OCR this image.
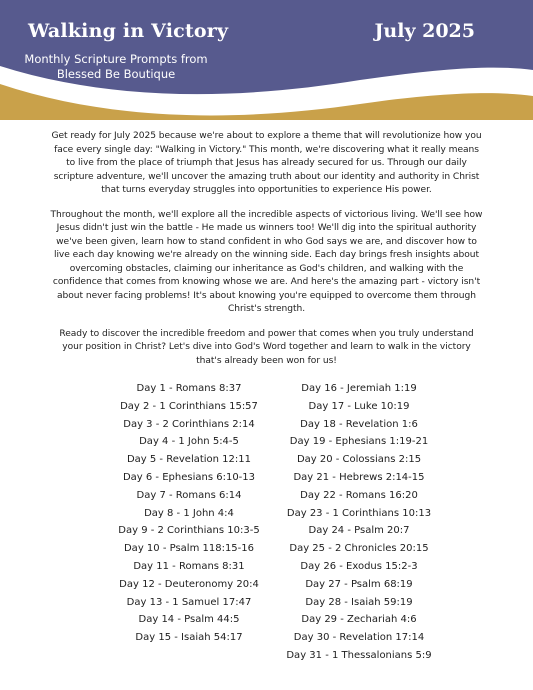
Walking in Victory	July 2025
Monthly Scripture Prompts from Blessed Be Boutique

Get ready for July 2025 because we're about to explore a theme that will revolutionize how you face every single day: "Walking in Victory." This month, we're discovering what it really means to live from the place of triumph that Jesus has already secured for us. Through our daily scripture adventure, we'll uncover the amazing truth about our identity and authority in Christ that turns everyday struggles into opportunities to experience His power.

Throughout the month, we'll explore all the incredible aspects of victorious living. We'll see how Jesus didn't just win the battle - He made us winners too! We'll dig into the spiritual authority we've been given, learn how to stand confident in who God says we are, and discover how to live each day knowing we're already on the winning side. Each day brings fresh insights about overcoming obstacles, claiming our inheritance as God's children, and walking with the confidence that comes from knowing whose we are. And here's the amazing part - victory isn't about never facing problems! It's about knowing you're equipped to overcome them through Christ's strength.

Ready to discover the incredible freedom and power that comes when you truly understand your position in Christ? Let's dive into God's Word together and learn to walk in the victory that's already been won for us!

Day 1 - Romans 8:37
Day 2 - 1 Corinthians 15:57
Day 3 - 2 Corinthians 2:14
Day 4 - 1 John 5:4-5
Day 5 - Revelation 12:11
Day 6 - Ephesians 6:10-13
Day 7 - Romans 6:14
Day 8 - 1 John 4:4
Day 9 - 2 Corinthians 10:3-5
Day 10 - Psalm 118:15-16
Day 11 - Romans 8:31
Day 12 - Deuteronomy 20:4
Day 13 - 1 Samuel 17:47
Day 14 - Psalm 44:5
Day 15 - Isaiah 54:17
Day 16 - Jeremiah 1:19
Day 17 - Luke 10:19
Day 18 - Revelation 1:6
Day 19 - Ephesians 1:19-21
Day 20 - Colossians 2:15
Day 21 - Hebrews 2:14-15
Day 22 - Romans 16:20
Day 23 - 1 Corinthians 10:13
Day 24 - Psalm 20:7
Day 25 - 2 Chronicles 20:15
Day 26 - Exodus 15:2-3
Day 27 - Psalm 68:19
Day 28 - Isaiah 59:19
Day 29 - Zechariah 4:6
Day 30 - Revelation 17:14
Day 31 - 1 Thessalonians 5:9
